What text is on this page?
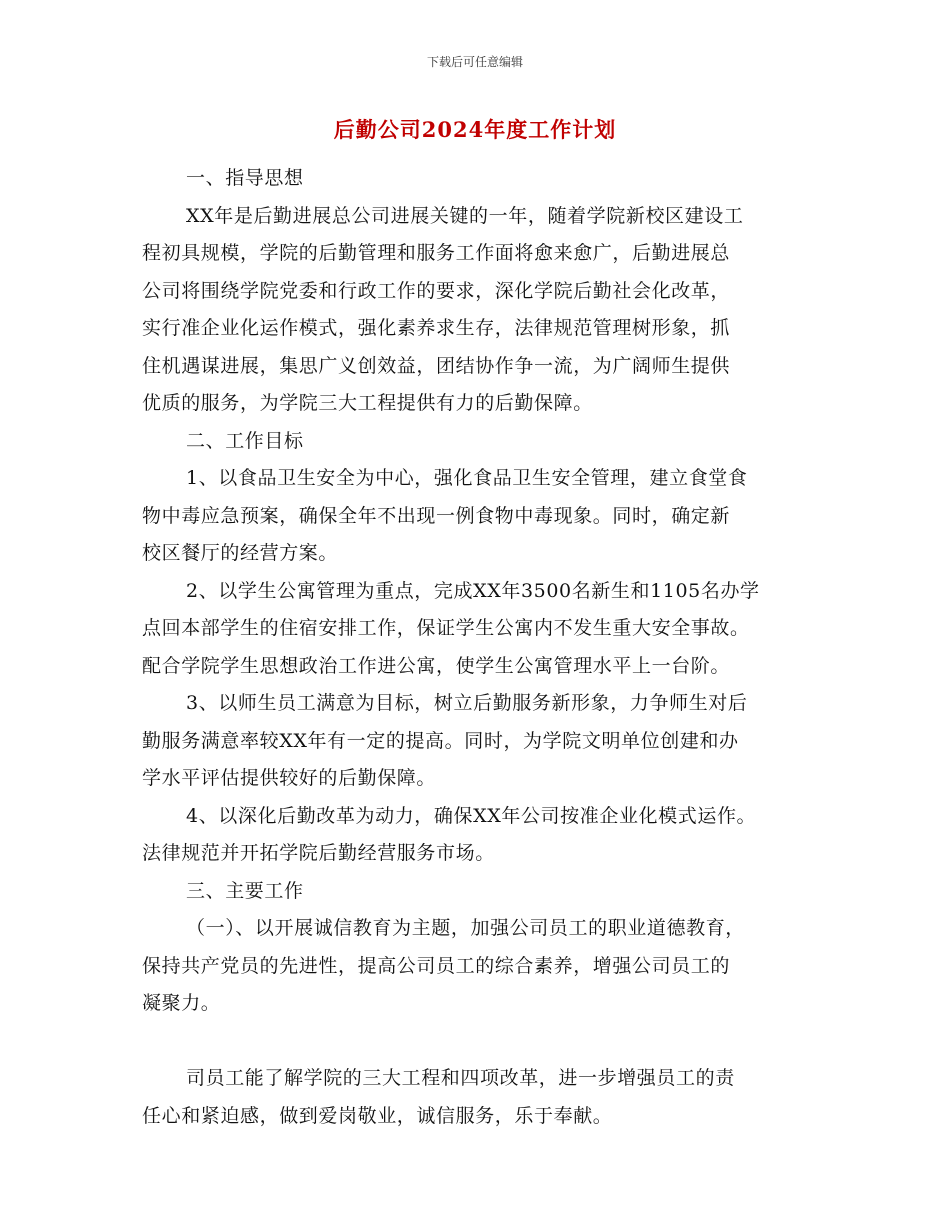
下载后可任意编辑
后勤公司2024年度工作计划
一、指导思想
XX年是后勤进展总公司进展关键的一年，随着学院新校区建设工
程初具规模，学院的后勤管理和服务工作面将愈来愈广，后勤进展总
公司将围绕学院党委和行政工作的要求，深化学院后勤社会化改革，
实行准企业化运作模式，强化素养求生存，法律规范管理树形象，抓
住机遇谋进展，集思广义创效益，团结协作争一流，为广阔师生提供
优质的服务，为学院三大工程提供有力的后勤保障。
二、工作目标
1、以食品卫生安全为中心，强化食品卫生安全管理，建立食堂食
物中毒应急预案，确保全年不出现一例食物中毒现象。同时，确定新
校区餐厅的经营方案。
2、以学生公寓管理为重点，完成XX年3500名新生和1105名办学
点回本部学生的住宿安排工作，保证学生公寓内不发生重大安全事故。
配合学院学生思想政治工作进公寓，使学生公寓管理水平上一台阶。
3、以师生员工满意为目标，树立后勤服务新形象，力争师生对后
勤服务满意率较XX年有一定的提高。同时，为学院文明单位创建和办
学水平评估提供较好的后勤保障。
4、以深化后勤改革为动力，确保XX年公司按准企业化模式运作。
法律规范并开拓学院后勤经营服务市场。
三、主要工作
（一）、以开展诚信教育为主题，加强公司员工的职业道德教育，
保持共产党员的先进性，提高公司员工的综合素养，增强公司员工的
凝聚力。
司员工能了解学院的三大工程和四项改革，进一步增强员工的责
任心和紧迫感，做到爱岗敬业，诚信服务，乐于奉献。
